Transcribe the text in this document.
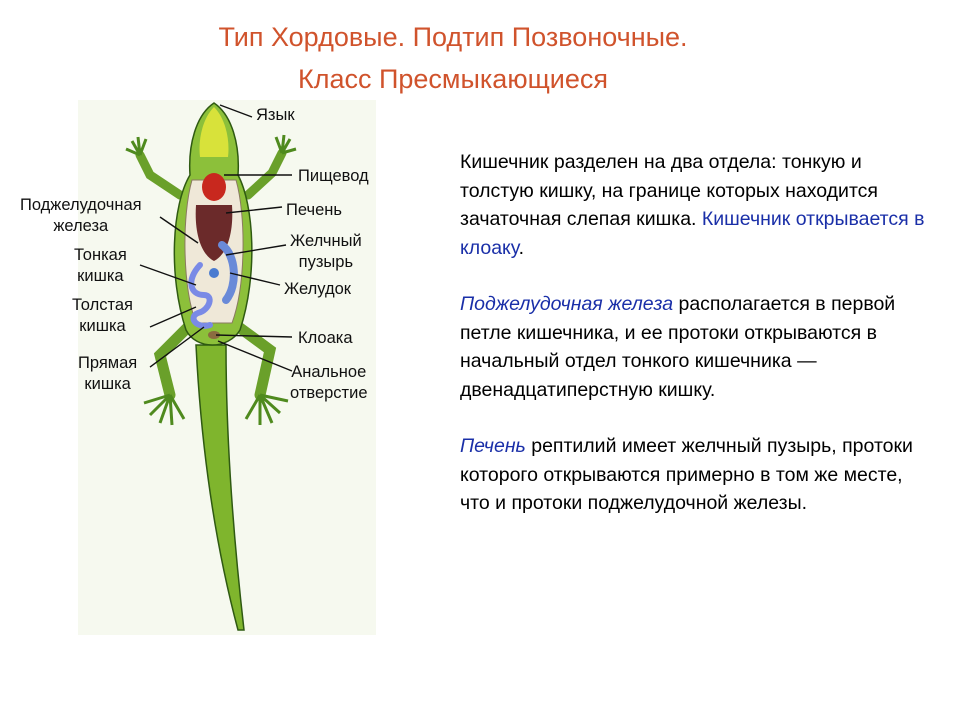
Тип Хордовые. Подтип Позвоночные.
Класс Пресмыкающиеся
Язык
Пищевод
Поджелудочная
железа
Печень
Тонкая
кишка
Желчный
пузырь
Желудок
Толстая
кишка
Клоака
Прямая
кишка
Анальное
отверстие

Кишечник разделен на два отдела: тонкую и толстую кишку, на границе которых находится зачаточная слепая кишка. Кишечник открывается в клоаку.

Поджелудочная железа располагается в первой петле кишечника, и ее протоки открываются в начальный отдел тонкого кишечника — двенадцатиперстную кишку.

Печень рептилий имеет желчный пузырь, протоки которого открываются примерно в том же месте, что и протоки поджелудочной железы.
